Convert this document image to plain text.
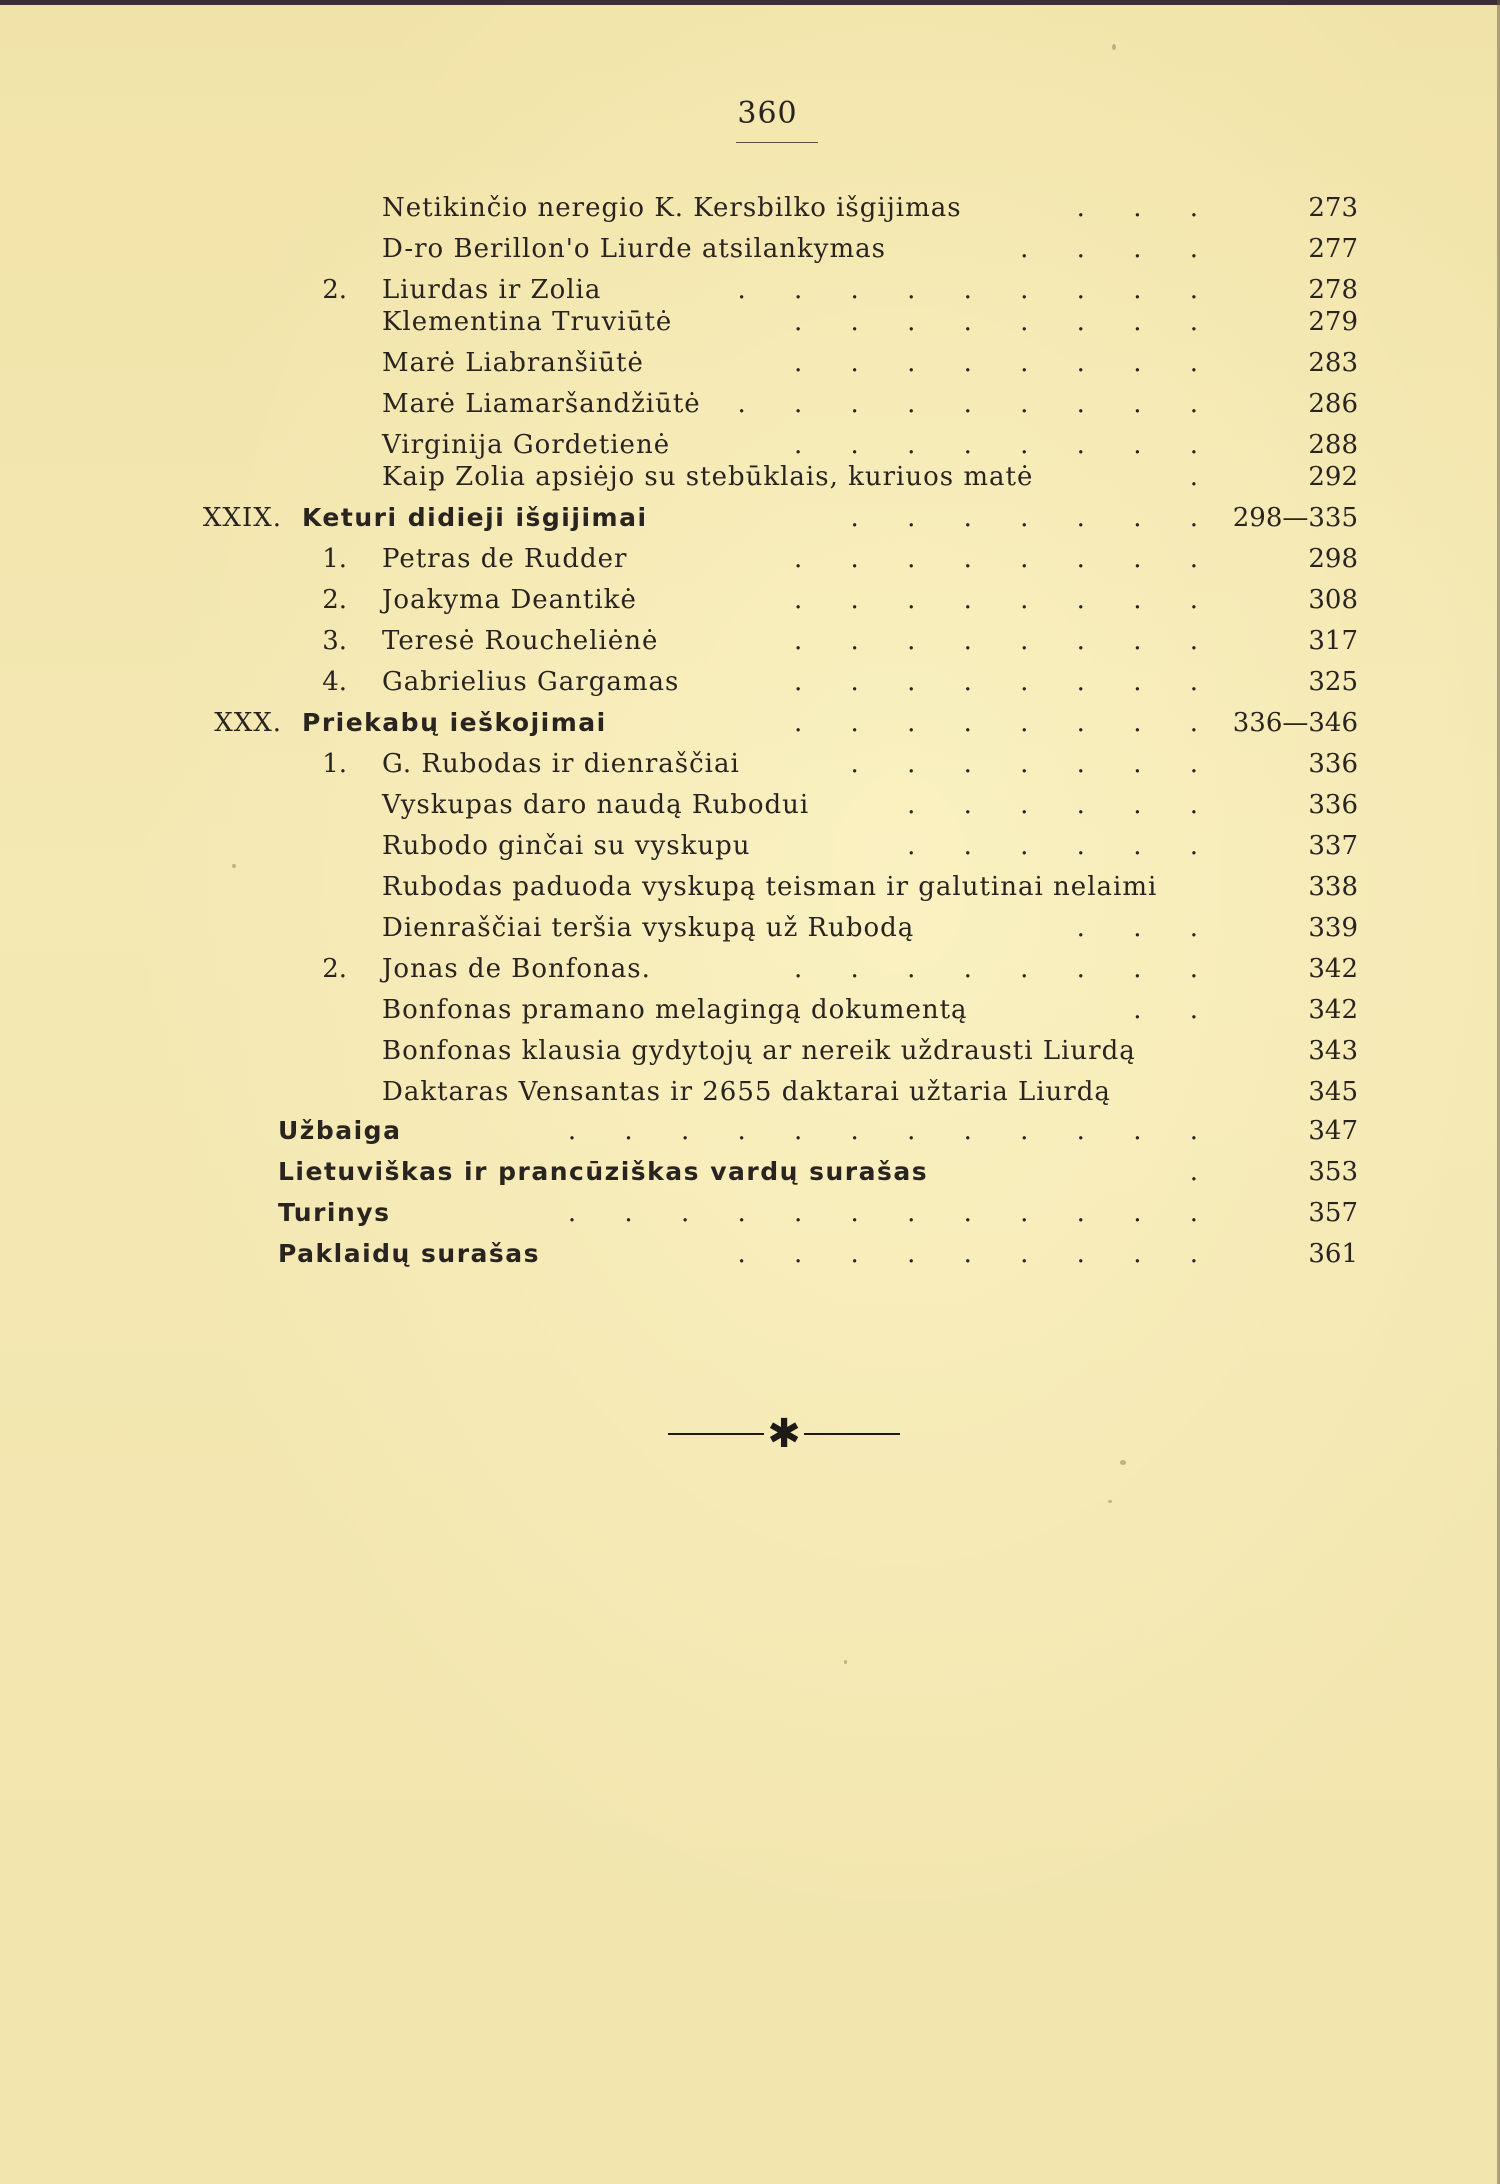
360
Netikinčio neregio K. Kersbilko išgijimas	. . .	273
D-ro Berillon'o Liurde atsilankymas	. . . .	277
2. Liurdas ir Zolia	. . . . . . . . .	278
Klementina Truviūtė	. . . . . . . .	279
Marė Liabranšiūtė	. . . . . . . .	283
Marė Liamaršandžiūtė . . . . . . . . .	286
Virginija Gordetienė	. . . . . . . .	288
Kaip Zolia apsiėjo su stebūklais, kuriuos matė	.	292
XXIX. Keturi didieji išgijimai	. . . . . . . 298—335
1. Petras de Rudder	. . . . . . . .	298
2. Joakyma Deantikė	. . . . . . . .	308
3. Teresė Roucheliėnė	. . . . . . . .	317
4. Gabrielius Gargamas	. . . . . . . .	325
XXX. Priekabų ieškojimai	. . . . . . . . 336—346
1. G. Rubodas ir dienraščiai	. . . . . . .	336
Vyskupas daro naudą Rubodui	. . . . . .	336
Rubodo ginčai su vyskupu	. . . . . .	337
Rubodas paduoda vyskupą teisman ir galutinai nelaimi	338
Dienraščiai teršia vyskupą už Rubodą	. . .	339
2. Jonas de Bonfonas.	. . . . . . . .	342
Bonfonas pramano melagingą dokumentą	. .	342
Bonfonas klausia gydytojų ar nereik uždrausti Liurdą	343
Daktaras Vensantas ir 2655 daktarai užtaria Liurdą	345
Užbaiga	. . . . . . . . . . . .	347
Lietuviškas ir prancūziškas vardų surašas	.	353
Turinys	. . . . . . . . . . . .	357
Paklaidų surašas	. . . . . . . . .	361
✱
